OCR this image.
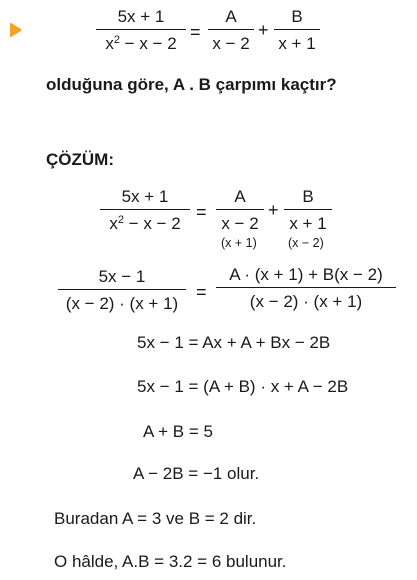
5x + 1
$x^2 - x - 2$
=
A
x − 2
+
B
x + 1
olduğuna göre, A . B çarpımı kaçtır?
ÇÖZÜM:
5x + 1
$x^2 - x - 2$
=
A
x − 2
+
B
x + 1
(x + 1) (x − 2)
5x − 1
(x − 2) · (x + 1)
=
A · (x + 1) + B(x − 2)
(x − 2) · (x + 1)
5x − 1 = Ax + A + Bx − 2B
5x − 1 = (A + B) · x + A − 2B
A + B = 5
A − 2B = −1 olur.
Buradan A = 3 ve B = 2 dir.
O hâlde, A.B = 3.2 = 6 bulunur.
